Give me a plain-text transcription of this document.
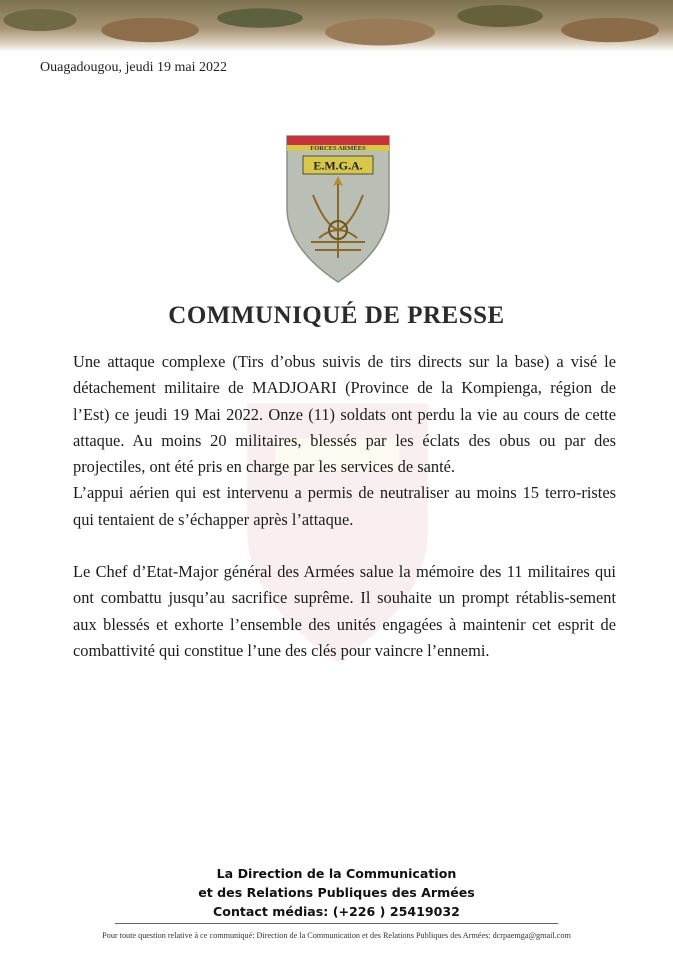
Ouagadougou, jeudi 19 mai 2022
FORCES ARMÉES
E.M.G.A.
COMMUNIQUÉ DE PRESSE

Une attaque complexe (Tirs d’obus suivis de tirs directs sur la base) a visé le détachement militaire de MADJOARI (Province de la Kompienga, région de l’Est) ce jeudi 19 Mai 2022. Onze (11) soldats ont perdu la vie au cours de cette attaque. Au moins 20 militaires, blessés par les éclats des obus ou par des projectiles, ont été pris en charge par les services de santé.

L’appui aérien qui est intervenu a permis de neutraliser au moins 15 terro-ristes qui tentaient de s’échapper après l’attaque.

Le Chef d’Etat-Major général des Armées salue la mémoire des 11 militaires qui ont combattu jusqu’au sacrifice suprême. Il souhaite un prompt rétablis-sement aux blessés et exhorte l’ensemble des unités engagées à maintenir cet esprit de combattivité qui constitue l’une des clés pour vaincre l’ennemi.

La Direction de la Communication
et des Relations Publiques des Armées
Contact médias: (+226 ) 25419032
Pour toute question relative à ce communiqué: Direction de la Communication et des Relations Publiques des Armées: dcrpaemga@gmail.com
